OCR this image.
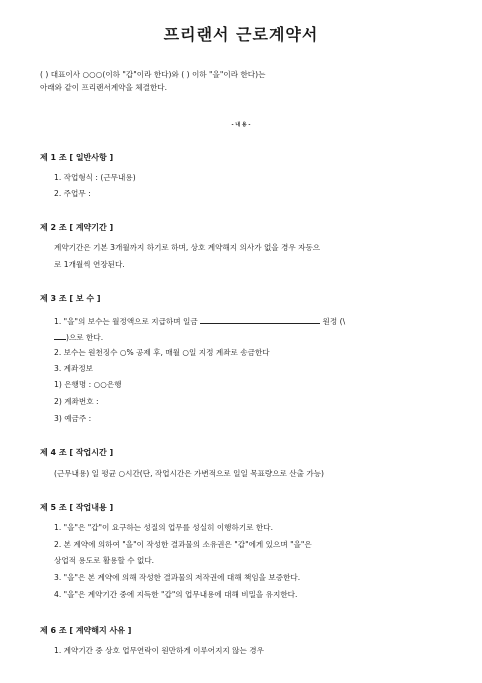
프리랜서 근로계약서
( ) 대표이사 ○○○(이하 "갑"이라 한다)와 ( ) 이하 "을"이라 한다)는
아래와 같이 프리랜서계약을 체결한다.
- 내 용 -
제 1 조 [ 일반사항 ]
1. 작업형식 : (근무내용)
2. 주업무 :
제 2 조 [ 계약기간 ]
계약기간은 기본 3개월까지 하기로 하며, 상호 계약해지 의사가 없을 경우 자동으
로 1개월씩 연장된다.
제 3 조 [ 보 수 ]
1. "을"의 보수는 월정액으로 지급하며 일금	원정 (\
)으로 한다.
2. 보수는 원천징수 ○% 공제 후, 매월 ○일 지정 계좌로 송금한다
3. 계좌정보
1) 은행명 : ○○은행
2) 계좌번호 :
3) 예금주 :
제 4 조 [ 작업시간 ]
(근무내용) 일 평균 ○시간(단, 작업시간은 가변적으로 일일 목표량으로 산출 가능)
제 5 조 [ 작업내용 ]
1. "을"은 "갑"이 요구하는 성질의 업무를 성실히 이행하기로 한다.
2. 본 계약에 의하여 "을"이 작성한 결과물의 소유권은 "갑"에게 있으며 "을"은
상업적 용도로 활용할 수 없다.
3. "을"은 본 계약에 의해 작성한 결과물의 저작권에 대해 책임을 보증한다.
4. "을"은 계약기간 중에 지득한 "갑"의 업무내용에 대해 비밀을 유지한다.
제 6 조 [ 계약해지 사유 ]
1. 계약기간 중 상호 업무연락이 원만하게 이루어지지 않는 경우
